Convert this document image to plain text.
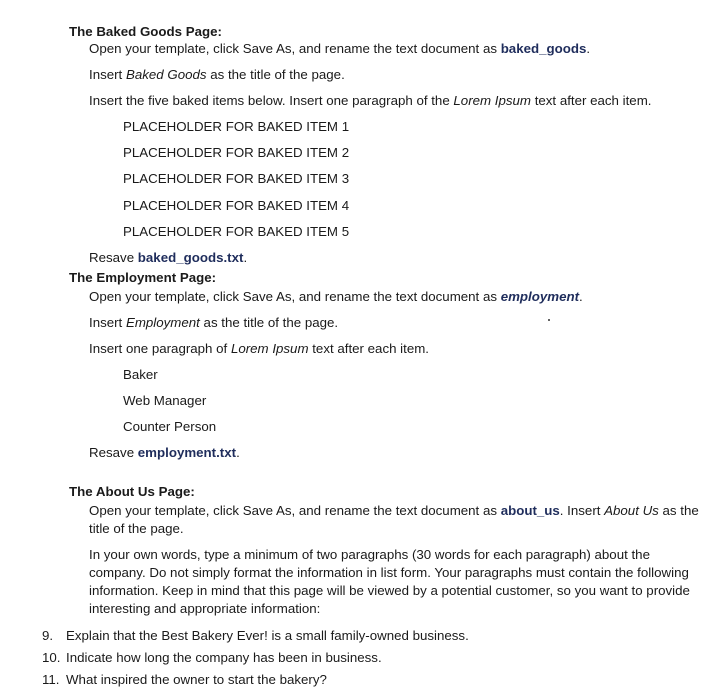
The Baked Goods Page:
Open your template, click Save As, and rename the text document as baked_goods.
Insert Baked Goods as the title of the page.
Insert the five baked items below. Insert one paragraph of the Lorem Ipsum text after each item.
PLACEHOLDER FOR BAKED ITEM 1
PLACEHOLDER FOR BAKED ITEM 2
PLACEHOLDER FOR BAKED ITEM 3
PLACEHOLDER FOR BAKED ITEM 4
PLACEHOLDER FOR BAKED ITEM 5
Resave baked_goods.txt.
The Employment Page:
Open your template, click Save As, and rename the text document as employment.
Insert Employment as the title of the page.
Insert one paragraph of Lorem Ipsum text after each item.
Baker
Web Manager
Counter Person
Resave employment.txt.
The About Us Page:
Open your template, click Save As, and rename the text document as about_us. Insert About Us as the
title of the page.
In your own words, type a minimum of two paragraphs (30 words for each paragraph) about the
company. Do not simply format the information in list form. Your paragraphs must contain the following
information. Keep in mind that this page will be viewed by a potential customer, so you want to provide
interesting and appropriate information:
9. Explain that the Best Bakery Ever! is a small family-owned business.
10. Indicate how long the company has been in business.
11. What inspired the owner to start the bakery?
